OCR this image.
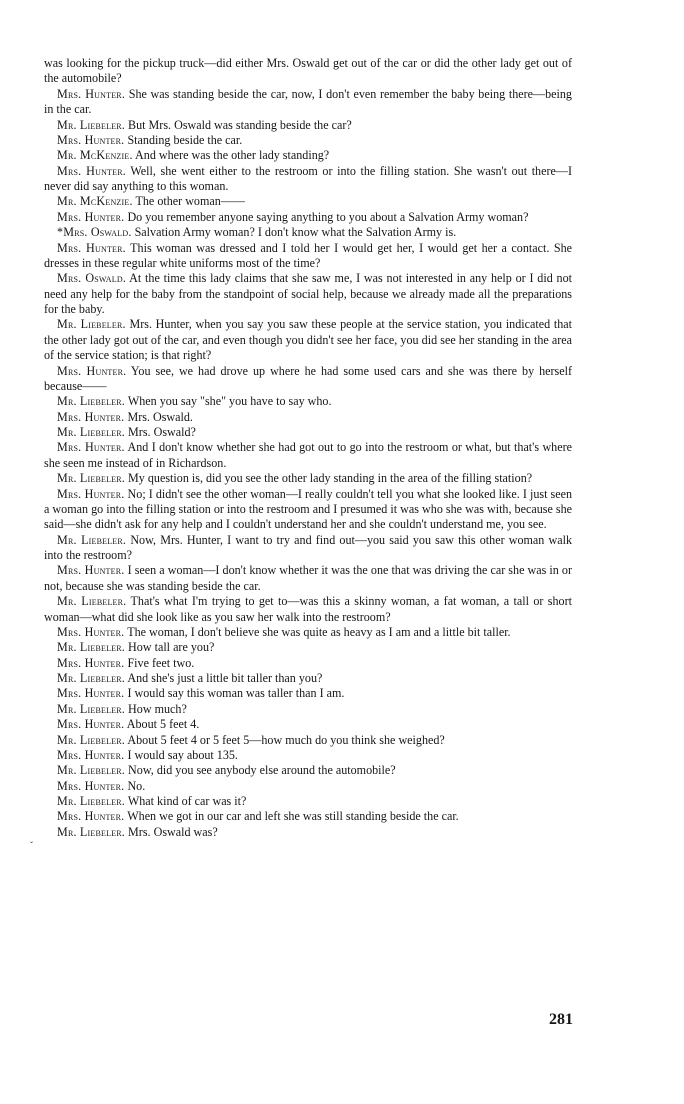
was looking for the pickup truck—did either Mrs. Oswald get out of the car or did the other lady get out of the automobile?

Mrs. Hunter. She was standing beside the car, now, I don't even remember the baby being there—being in the car.

Mr. Liebeler. But Mrs. Oswald was standing beside the car?

Mrs. Hunter. Standing beside the car.

Mr. McKenzie. And where was the other lady standing?

Mrs. Hunter. Well, she went either to the restroom or into the filling station. She wasn't out there—I never did say anything to this woman.

Mr. McKenzie. The other woman——

Mrs. Hunter. Do you remember anyone saying anything to you about a Salvation Army woman?

*Mrs. Oswald. Salvation Army woman? I don't know what the Salvation Army is.

Mrs. Hunter. This woman was dressed and I told her I would get her, I would get her a contact. She dresses in these regular white uniforms most of the time?

Mrs. Oswald. At the time this lady claims that she saw me, I was not interested in any help or I did not need any help for the baby from the standpoint of social help, because we already made all the preparations for the baby.

Mr. Liebeler. Mrs. Hunter, when you say you saw these people at the service station, you indicated that the other lady got out of the car, and even though you didn't see her face, you did see her standing in the area of the service station; is that right?

Mrs. Hunter. You see, we had drove up where he had some used cars and she was there by herself because——

Mr. Liebeler. When you say "she" you have to say who.

Mrs. Hunter. Mrs. Oswald.

Mr. Liebeler. Mrs. Oswald?

Mrs. Hunter. And I don't know whether she had got out to go into the restroom or what, but that's where she seen me instead of in Richardson.

Mr. Liebeler. My question is, did you see the other lady standing in the area of the filling station?

Mrs. Hunter. No; I didn't see the other woman—I really couldn't tell you what she looked like. I just seen a woman go into the filling station or into the restroom and I presumed it was who she was with, because she said—she didn't ask for any help and I couldn't understand her and she couldn't understand me, you see.

Mr. Liebeler. Now, Mrs. Hunter, I want to try and find out—you said you saw this other woman walk into the restroom?

Mrs. Hunter. I seen a woman—I don't know whether it was the one that was driving the car she was in or not, because she was standing beside the car.

Mr. Liebeler. That's what I'm trying to get to—was this a skinny woman, a fat woman, a tall or short woman—what did she look like as you saw her walk into the restroom?

Mrs. Hunter. The woman, I don't believe she was quite as heavy as I am and a little bit taller.

Mr. Liebeler. How tall are you?

Mrs. Hunter. Five feet two.

Mr. Liebeler. And she's just a little bit taller than you?

Mrs. Hunter. I would say this woman was taller than I am.

Mr. Liebeler. How much?

Mrs. Hunter. About 5 feet 4.

Mr. Liebeler. About 5 feet 4 or 5 feet 5—how much do you think she weighed?

Mrs. Hunter. I would say about 135.

Mr. Liebeler. Now, did you see anybody else around the automobile?

Mrs. Hunter. No.

Mr. Liebeler. What kind of car was it?

Mrs. Hunter. When we got in our car and left she was still standing beside the car.

Mr. Liebeler. Mrs. Oswald was?

ˇ
281
